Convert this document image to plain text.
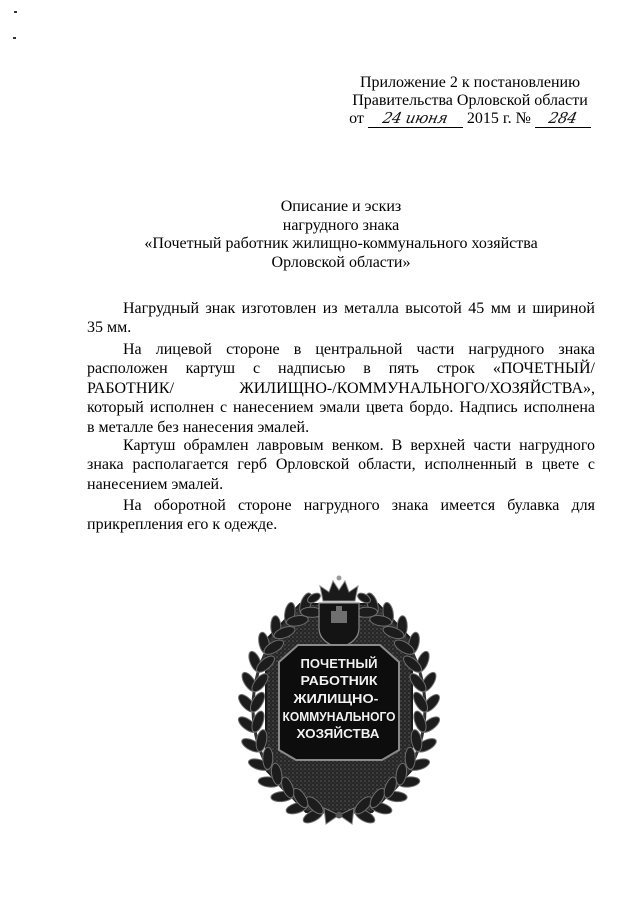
Приложение 2 к постановлению
Правительства Орловской области
от 24 июня 2015 г. № 284
Описание и эскиз
нагрудного знака
«Почетный работник жилищно-коммунального хозяйства
Орловской области»
Нагрудный знак изготовлен из металла высотой 45 мм и шириной
35 мм.
На лицевой стороне в центральной части нагрудного знака
расположен картуш с надписью в пять строк «ПОЧЕТНЫЙ/
РАБОТНИК/ ЖИЛИЩНО-/КОММУНАЛЬНОГО/ХОЗЯЙСТВА»,
который исполнен с нанесением эмали цвета бордо. Надпись исполнена
в металле без нанесения эмалей.
Картуш обрамлен лавровым венком. В верхней части нагрудного
знака располагается герб Орловской области, исполненный в цвете с
нанесением эмалей.
На оборотной стороне нагрудного знака имеется булавка для
прикрепления его к одежде.
ПОЧЕТНЫЙ
РАБОТНИК
ЖИЛИЩНО-
КОММУНАЛЬНОГО
ХОЗЯЙСТВА
